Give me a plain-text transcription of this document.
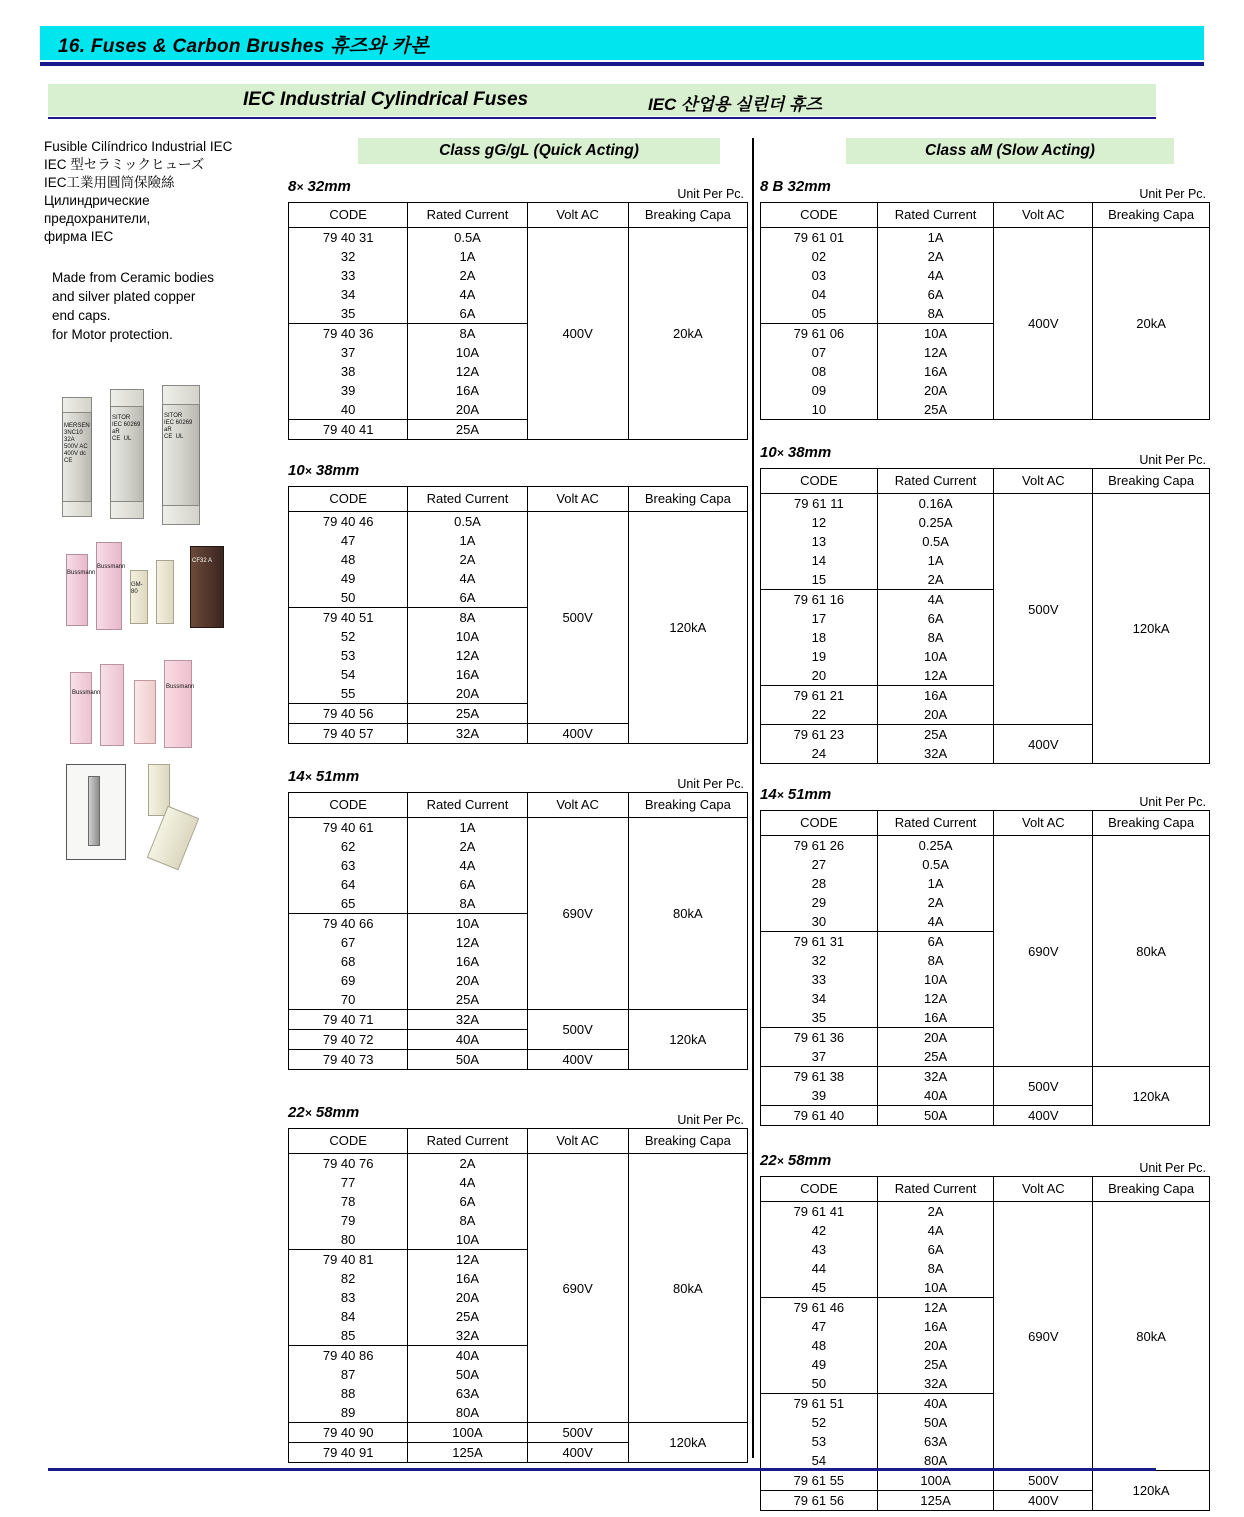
16. Fuses & Carbon Brushes 휴즈와 카본
IEC Industrial Cylindrical Fuses	IEC 산업용 실린더 휴즈
Fusible Cilíndrico Industrial IEC
IEC 型セラミックヒューズ
IEC工業用圓筒保險絲
Цилиндрические
предохранители,
фирма IEC
Made from Ceramic bodies
and silver plated copper
end caps.
for Motor protection.
MERSEN
3NC10
32A
500V AC
400V dc
CE
SITOR
IEC 60269
aR
CE  UL
SITOR
IEC 60269
aR
CE  UL
Bussmann
Bussmann
GM-80
CF32 A
Bussmann
Bussmann
Class gG/gL (Quick Acting)
8× 32mm	Unit Per Pc.
CODE	Rated Current	Volt AC	Breaking Capa
79 40 31	0.5A	400V	20kA
32	1A		
33	2A		
34	4A		
35	6A		
79 40 36	8A		
37	10A		
38	12A		
39	16A		
40	20A		
79 40 41	25A		
10× 38mm
CODE	Rated Current	Volt AC	Breaking Capa
79 40 46	0.5A	500V	120kA
47	1A		
48	2A		
49	4A		
50	6A		
79 40 51	8A		
52	10A		
53	12A		
54	16A		
55	20A		
79 40 56	25A		
79 40 57	32A	400V	
14× 51mm	Unit Per Pc.
CODE	Rated Current	Volt AC	Breaking Capa
79 40 61	1A	690V	80kA
62	2A		
63	4A		
64	6A		
65	8A		
79 40 66	10A		
67	12A		
68	16A		
69	20A		
70	25A		
79 40 71	32A	500V	120kA
79 40 72	40A		
79 40 73	50A	400V	
22× 58mm	Unit Per Pc.
CODE	Rated Current	Volt AC	Breaking Capa
79 40 76	2A	690V	80kA
77	4A		
78	6A		
79	8A		
80	10A		
79 40 81	12A		
82	16A		
83	20A		
84	25A		
85	32A		
79 40 86	40A		
87	50A		
88	63A		
89	80A		
79 40 90	100A	500V	120kA
79 40 91	125A	400V	
Class aM (Slow Acting)
8 B 32mm	Unit Per Pc.
CODE	Rated Current	Volt AC	Breaking Capa
79 61 01	1A	400V	20kA
02	2A		
03	4A		
04	6A		
05	8A		
79 61 06	10A		
07	12A		
08	16A		
09	20A		
10	25A		
10× 38mm	Unit Per Pc.
CODE	Rated Current	Volt AC	Breaking Capa
79 61 11	0.16A	500V	120kA
12	0.25A		
13	0.5A		
14	1A		
15	2A		
79 61 16	4A		
17	6A		
18	8A		
19	10A		
20	12A		
79 61 21	16A		
22	20A		
79 61 23	25A	400V	
24	32A		
14× 51mm	Unit Per Pc.
CODE	Rated Current	Volt AC	Breaking Capa
79 61 26	0.25A	690V	80kA
27	0.5A		
28	1A		
29	2A		
30	4A		
79 61 31	6A		
32	8A		
33	10A		
34	12A		
35	16A		
79 61 36	20A		
37	25A		
79 61 38	32A	500V	120kA
39	40A		
79 61 40	50A	400V	
22× 58mm	Unit Per Pc.
CODE	Rated Current	Volt AC	Breaking Capa
79 61 41	2A	690V	80kA
42	4A		
43	6A		
44	8A		
45	10A		
79 61 46	12A		
47	16A		
48	20A		
49	25A		
50	32A		
79 61 51	40A		
52	50A		
53	63A		
54	80A		
79 61 55	100A	500V	120kA
79 61 56	125A	400V	
